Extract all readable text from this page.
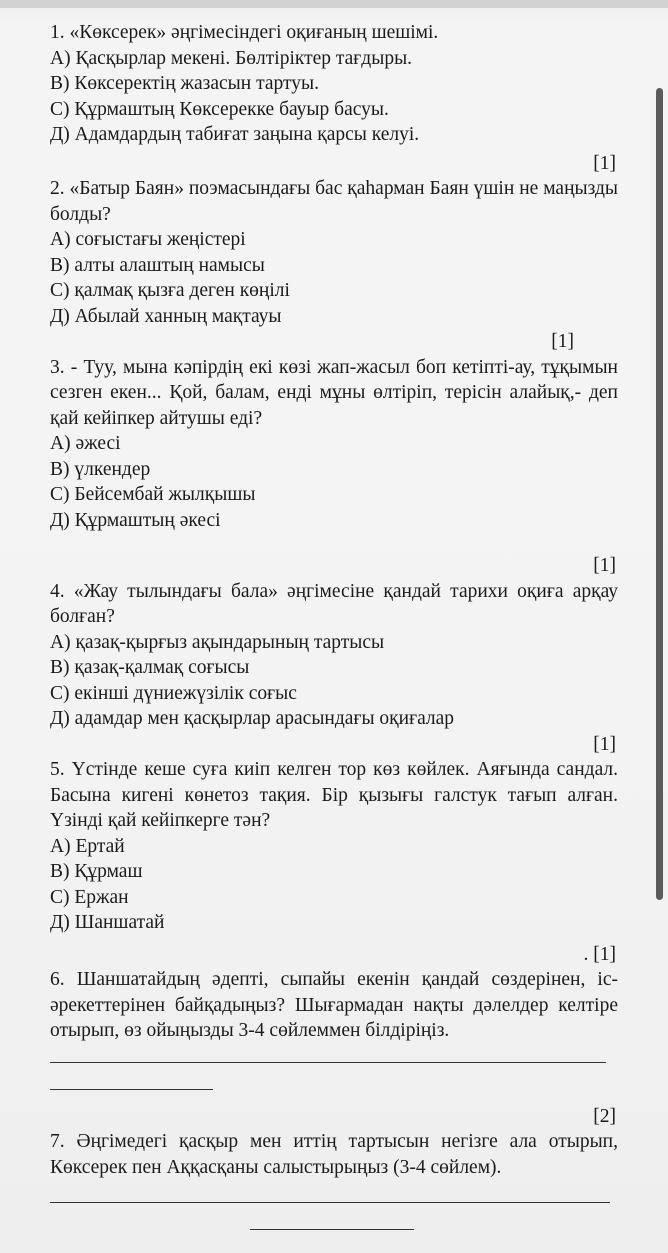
1. «Көксерек» әңгімесіндегі оқиғаның шешімі.
А) Қасқырлар мекені. Бөлтіріктер тағдыры.
В) Көксеректің жазасын тартуы.
С) Құрмаштың Көксерекке бауыр басуы.
Д) Адамдардың табиғат заңына қарсы келуі.
[1]
2. «Батыр Баян» поэмасындағы бас қаһарман Баян үшін не маңызды болды?
А) соғыстағы жеңістері
В) алты алаштың намысы
С) қалмақ қызға деген көңілі
Д) Абылай ханның мақтауы
[1]
3. - Туу, мына кәпірдің екі көзі жап-жасыл боп кетіпті-ау, тұқымын сезген екен... Қой, балам, енді мұны өлтіріп, терісін алайық,- деп қай кейіпкер айтушы еді?
А) әжесі
В) үлкендер
С) Бейсембай жылқышы
Д) Құрмаштың әкесі
[1]
4. «Жау тылындағы бала» әңгімесіне қандай тарихи оқиға арқау болған?
А) қазақ-қырғыз ақындарының тартысы
В) қазақ-қалмақ соғысы
С) екінші дүниежүзілік соғыс
Д) адамдар мен қасқырлар арасындағы оқиғалар
[1]
5. Үстінде кеше суға киіп келген тор көз көйлек. Аяғында сандал. Басына кигені көнетоз тақия. Бір қызығы галстук тағып алған. Үзінді қай кейіпкерге тән?
А) Ертай
В) Құрмаш
С) Ержан
Д) Шаншатай
. [1]
6. Шаншатайдың әдепті, сыпайы екенін қандай сөздерінен, іс-әрекеттерінен байқадыңыз? Шығармадан нақты дәлелдер келтіре отырып, өз ойыңызды 3-4 сөйлеммен білдіріңіз.
[2]
7. Әңгімедегі қасқыр мен иттің тартысын негізге ала отырып, Көксерек пен Аққасқаны салыстырыңыз (3-4 сөйлем).
